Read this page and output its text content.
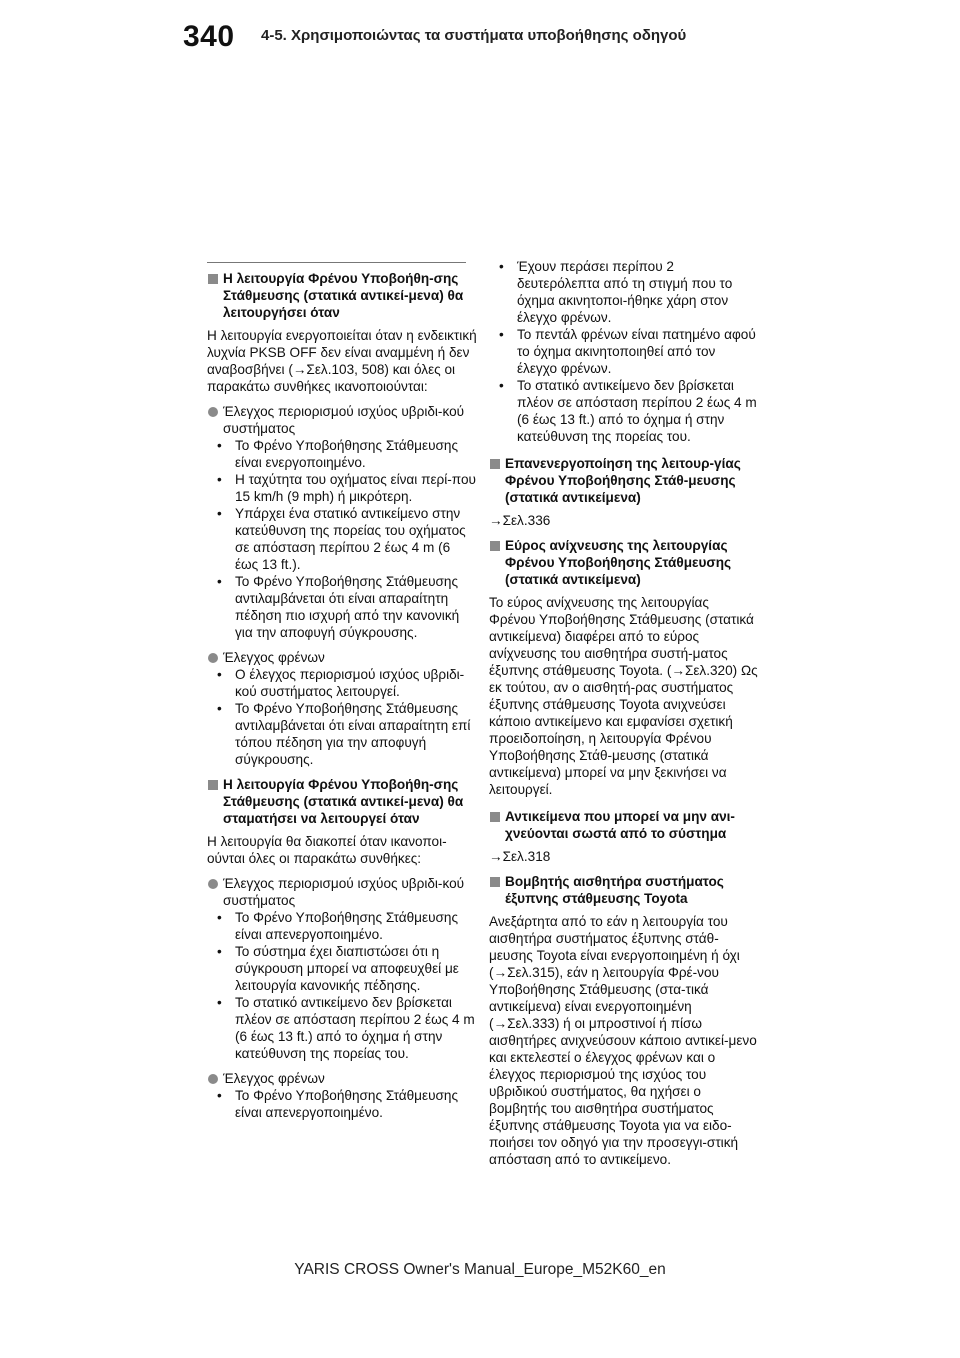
340 4-5. Χρησιμοποιώντας τα συστήματα υποβοήθησης οδηγού
Η λειτουργία Φρένου Υποβοήθη-σης Στάθμευσης (στατικά αντικεί-μενα) θα λειτουργήσει όταν

Η λειτουργία ενεργοποιείται όταν η ενδεικτική λυχνία PKSB OFF δεν είναι αναμμένη ή δεν αναβοσβήνει (→Σελ.103, 508) και όλες οι παρακάτω συνθήκες ικανοποιούνται:

Έλεγχος περιορισμού ισχύος υβριδι-κού συστήματος
• Το Φρένο Υποβοήθησης Στάθμευσης είναι ενεργοποιημένο.
• Η ταχύτητα του οχήματος είναι περί-που 15 km/h (9 mph) ή μικρότερη.
• Υπάρχει ένα στατικό αντικείμενο στην κατεύθυνση της πορείας του οχήματος σε απόσταση περίπου 2 έως 4 m (6 έως 13 ft.).
• Το Φρένο Υποβοήθησης Στάθμευσης αντιλαμβάνεται ότι είναι απαραίτητη πέδηση πιο ισχυρή από την κανονική για την αποφυγή σύγκρουσης.
Έλεγχος φρένων
• Ο έλεγχος περιορισμού ισχύος υβριδι-κού συστήματος λειτουργεί.
• Το Φρένο Υποβοήθησης Στάθμευσης αντιλαμβάνεται ότι είναι απαραίτητη επί τόπου πέδηση για την αποφυγή σύγκρουσης.
Η λειτουργία Φρένου Υποβοήθη-σης Στάθμευσης (στατικά αντικεί-μενα) θα σταματήσει να λειτουργεί όταν

Η λειτουργία θα διακοπεί όταν ικανοποι-ούνται όλες οι παρακάτω συνθήκες:

Έλεγχος περιορισμού ισχύος υβριδι-κού συστήματος
• Το Φρένο Υποβοήθησης Στάθμευσης είναι απενεργοποιημένο.
• Το σύστημα έχει διαπιστώσει ότι η σύγκρουση μπορεί να αποφευχθεί με λειτουργία κανονικής πέδησης.
• Το στατικό αντικείμενο δεν βρίσκεται πλέον σε απόσταση περίπου 2 έως 4 m (6 έως 13 ft.) από το όχημα ή στην κατεύθυνση της πορείας του.
Έλεγχος φρένων
• Το Φρένο Υποβοήθησης Στάθμευσης είναι απενεργοποιημένο.
• Έχουν περάσει περίπου 2 δευτερόλεπτα από τη στιγμή που το όχημα ακινητοποι-ήθηκε χάρη στον έλεγχο φρένων.
• Το πεντάλ φρένων είναι πατημένο αφού το όχημα ακινητοποιηθεί από τον έλεγχο φρένων.
• Το στατικό αντικείμενο δεν βρίσκεται πλέον σε απόσταση περίπου 2 έως 4 m (6 έως 13 ft.) από το όχημα ή στην κατεύθυνση της πορείας του.
Επανενεργοποίηση της λειτουρ-γίας Φρένου Υποβοήθησης Στάθ-μευσης (στατικά αντικείμενα)

→Σελ.336

Εύρος ανίχνευσης της λειτουργίας Φρένου Υποβοήθησης Στάθμευσης (στατικά αντικείμενα)

Το εύρος ανίχνευσης της λειτουργίας Φρένου Υποβοήθησης Στάθμευσης (στατικά αντικείμενα) διαφέρει από το εύρος ανίχνευσης του αισθητήρα συστή-ματος έξυπνης στάθμευσης Toyota. (→Σελ.320) Ως εκ τούτου, αν ο αισθητή-ρας συστήματος έξυπνης στάθμευσης Toyota ανιχνεύσει κάποιο αντικείμενο και εμφανίσει σχετική προειδοποίηση, η λειτουργία Φρένου Υποβοήθησης Στάθ-μευσης (στατικά αντικείμενα) μπορεί να μην ξεκινήσει να λειτουργεί.

Αντικείμενα που μπορεί να μην ανι-χνεύονται σωστά από το σύστημα

→Σελ.318

Βομβητής αισθητήρα συστήματος έξυπνης στάθμευσης Toyota

Ανεξάρτητα από το εάν η λειτουργία του αισθητήρα συστήματος έξυπνης στάθ-μευσης Toyota είναι ενεργοποιημένη ή όχι (→Σελ.315), εάν η λειτουργία Φρέ-νου Υποβοήθησης Στάθμευσης (στα-τικά αντικείμενα) είναι ενεργοποιημένη (→Σελ.333) ή οι μπροστινοί ή πίσω αισθητήρες ανιχνεύσουν κάποιο αντικεί-μενο και εκτελεστεί ο έλεγχος φρένων και ο έλεγχος περιορισμού της ισχύος του υβριδικού συστήματος, θα ηχήσει ο βομβητής του αισθητήρα συστήματος έξυπνης στάθμευσης Toyota για να ειδο-ποιήσει τον οδηγό για την προσεγγι-στική απόσταση από το αντικείμενο.

YARIS CROSS Owner's Manual_Europe_M52K60_en
